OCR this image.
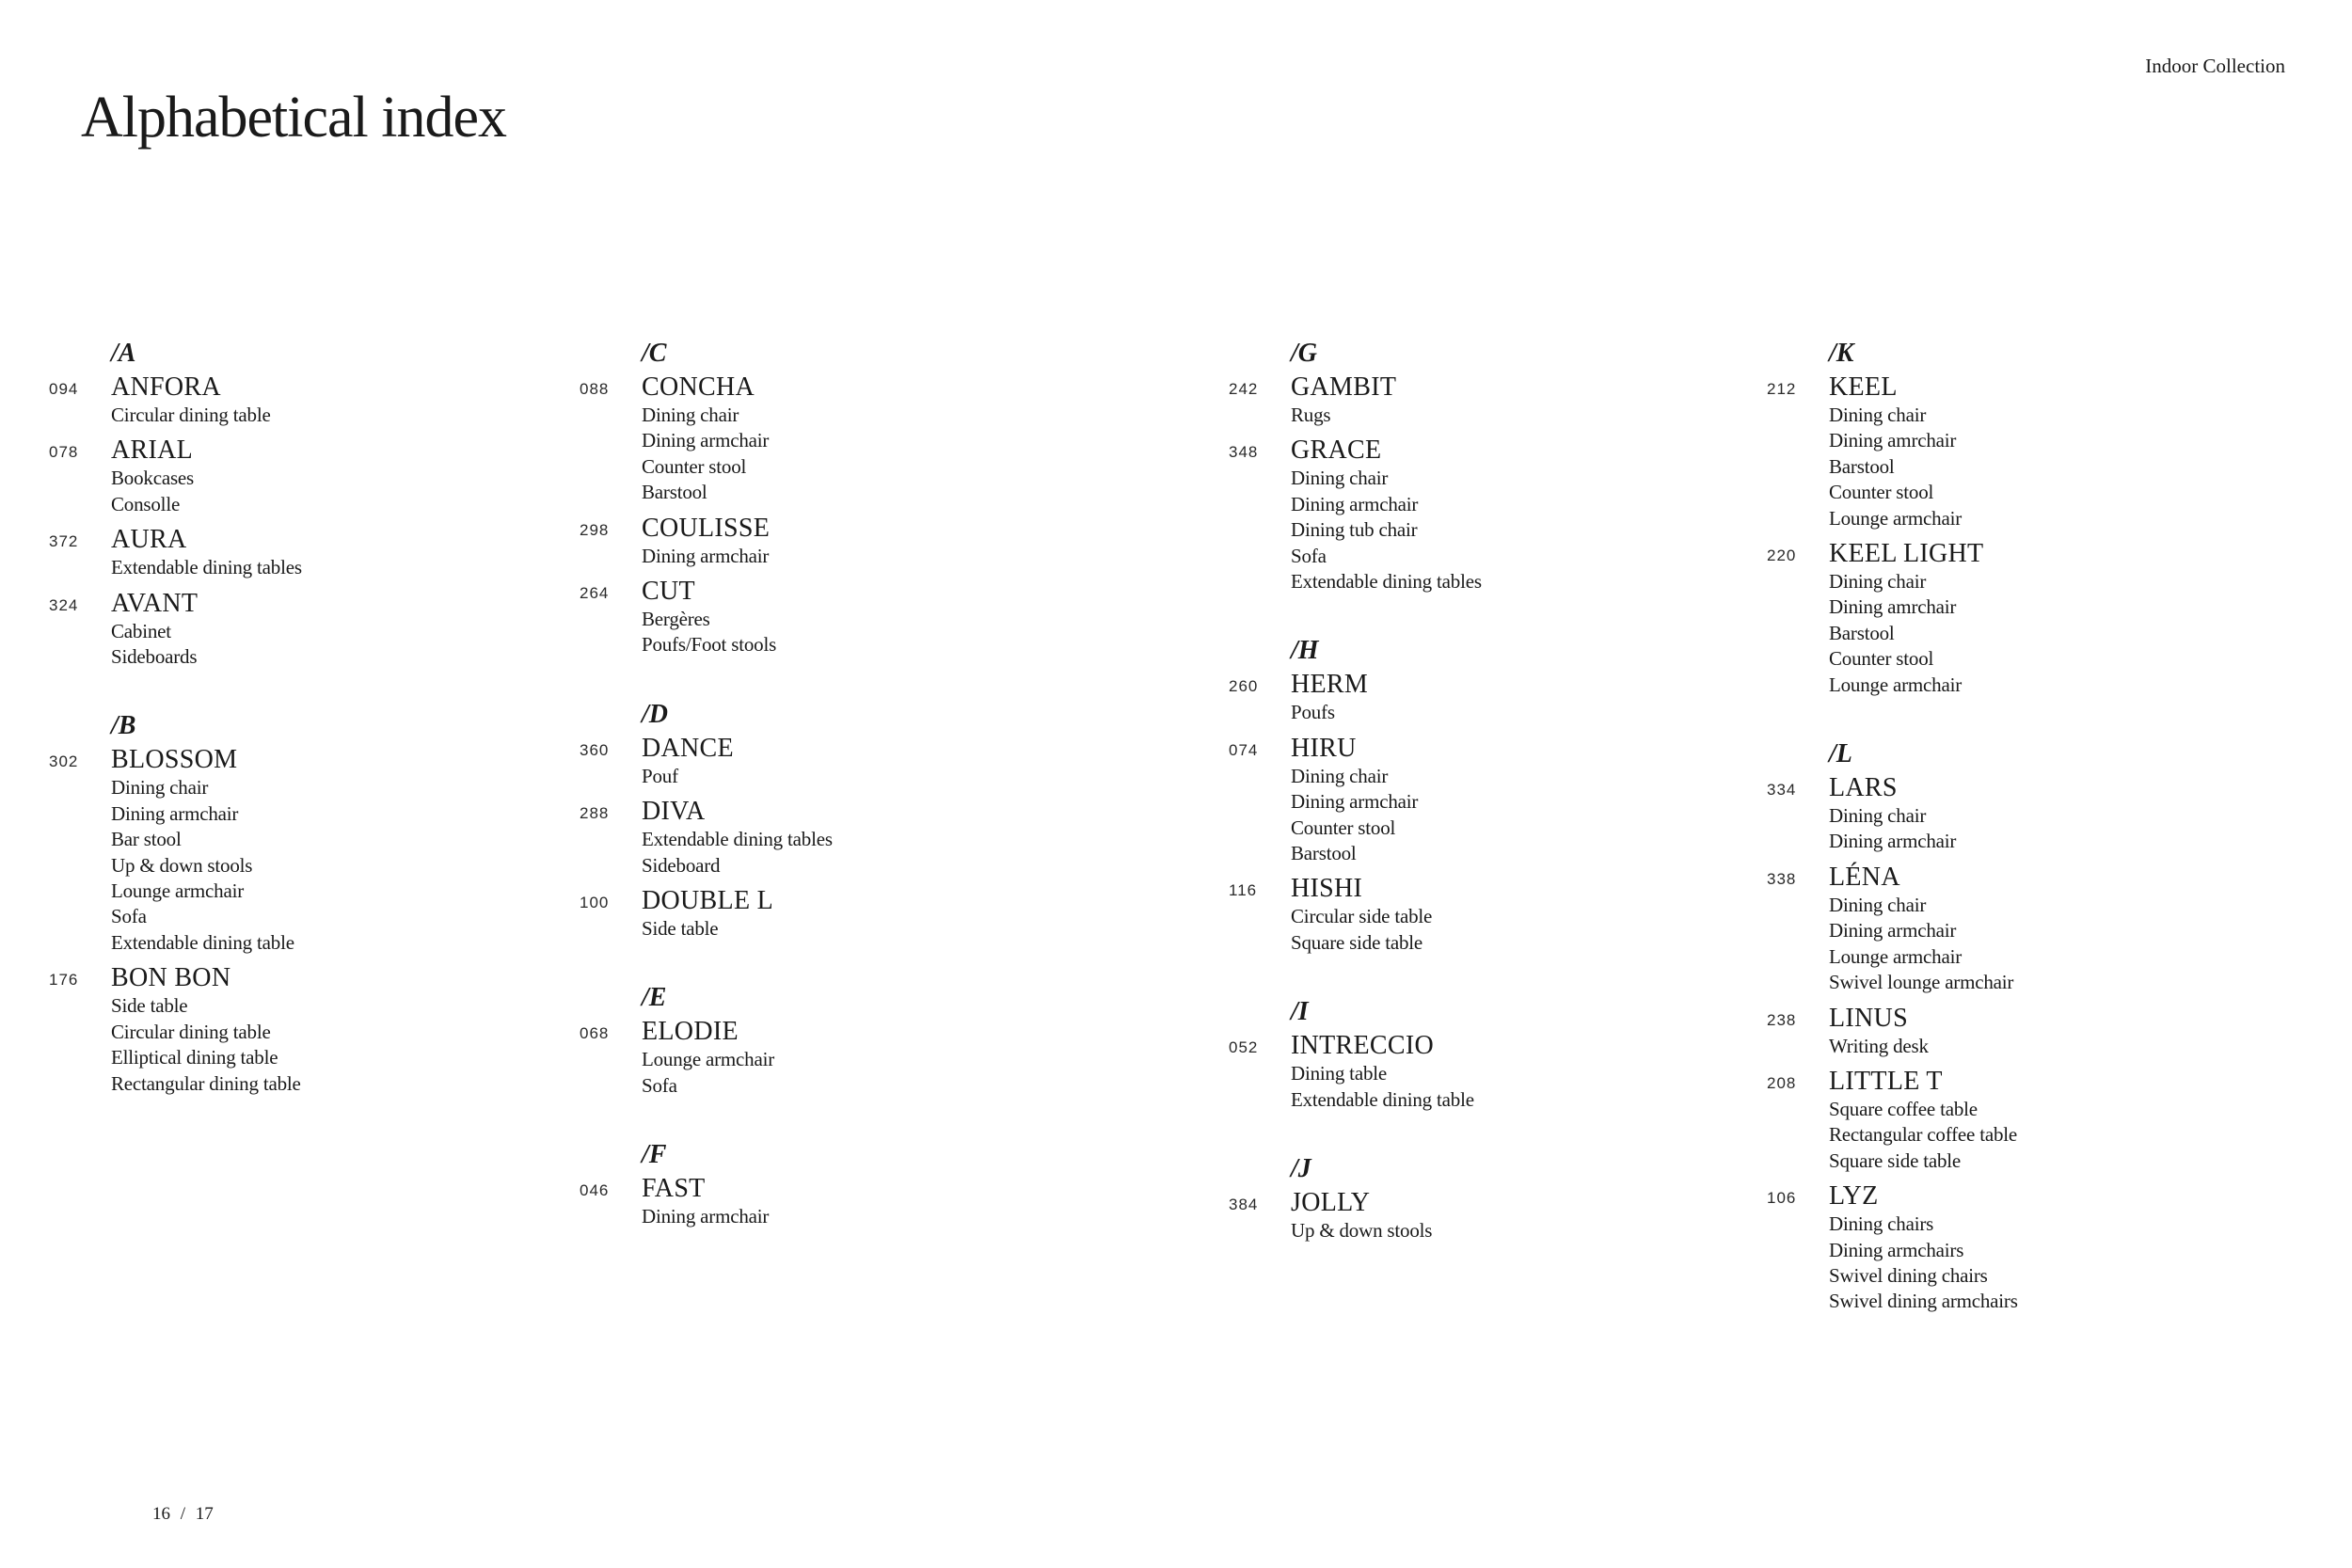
Alphabetical index
Indoor Collection
/A
094	ANFORA
Circular dining table
078	ARIAL
Bookcases
Consolle
372	AURA
Extendable dining tables
324	AVANT
Cabinet
Sideboards
/B
302	BLOSSOM
Dining chair
Dining armchair
Bar stool
Up & down stools
Lounge armchair
Sofa
Extendable dining table
176	BON BON
Side table
Circular dining table
Elliptical dining table
Rectangular dining table
/C
088	CONCHA
Dining chair
Dining armchair
Counter stool
Barstool
298	COULISSE
Dining armchair
264	CUT
Bergères
Poufs/Foot stools
/D
360	DANCE
Pouf
288	DIVA
Extendable dining tables
Sideboard
100	DOUBLE L
Side table
/E
068	ELODIE
Lounge armchair
Sofa
/F
046	FAST
Dining armchair
/G
242	GAMBIT
Rugs
348	GRACE
Dining chair
Dining armchair
Dining tub chair
Sofa
Extendable dining tables
/H
260	HERM
Poufs
074	HIRU
Dining chair
Dining armchair
Counter stool
Barstool
116	HISHI
Circular side table
Square side table
/I
052	INTRECCIO
Dining table
Extendable dining table
/J
384	JOLLY
Up & down stools
/K
212	KEEL
Dining chair
Dining amrchair
Barstool
Counter stool
Lounge armchair
220	KEEL LIGHT
Dining chair
Dining amrchair
Barstool
Counter stool
Lounge armchair
/L
334	LARS
Dining chair
Dining armchair
338	LÉNA
Dining chair
Dining armchair
Lounge armchair
Swivel lounge armchair
238	LINUS
Writing desk
208	LITTLE T
Square coffee table
Rectangular coffee table
Square side table
106	LYZ
Dining chairs
Dining armchairs
Swivel dining chairs
Swivel dining armchairs
16 / 17
